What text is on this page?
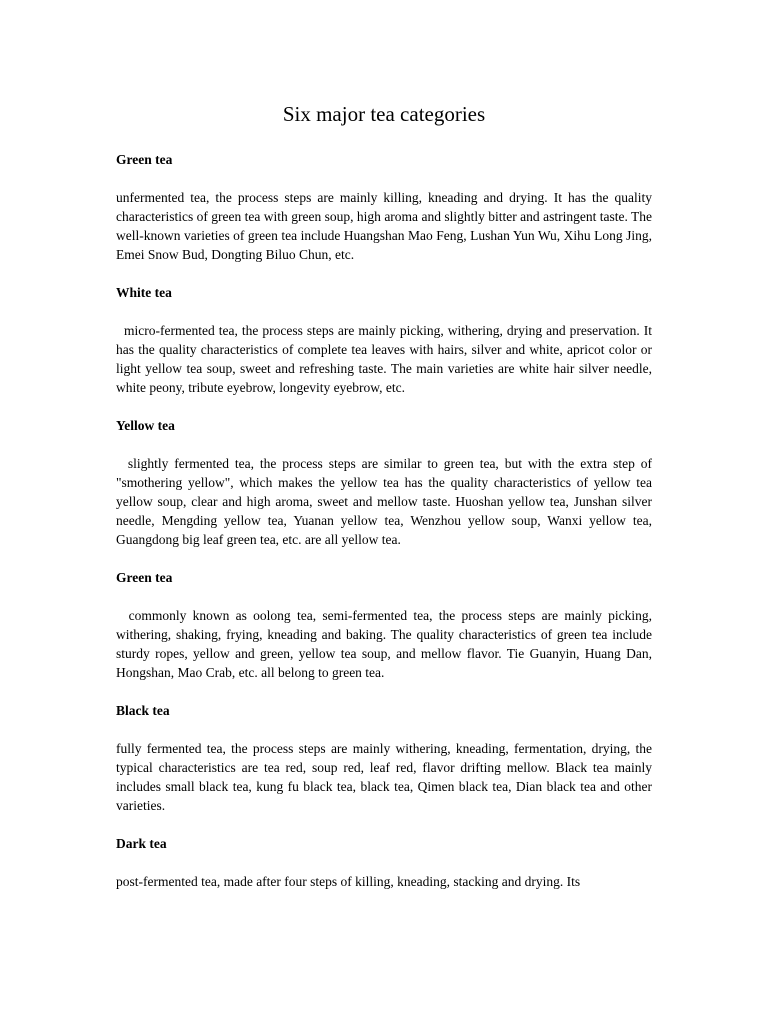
Six major tea categories
Green tea

unfermented tea, the process steps are mainly killing, kneading and drying. It has the quality characteristics of green tea with green soup, high aroma and slightly bitter and astringent taste. The well-known varieties of green tea include Huangshan Mao Feng, Lushan Yun Wu, Xihu Long Jing, Emei Snow Bud, Dongting Biluo Chun, etc.

White tea

micro-fermented tea, the process steps are mainly picking, withering, drying and preservation. It has the quality characteristics of complete tea leaves with hairs, silver and white, apricot color or light yellow tea soup, sweet and refreshing taste. The main varieties are white hair silver needle, white peony, tribute eyebrow, longevity eyebrow, etc.

Yellow tea

slightly fermented tea, the process steps are similar to green tea, but with the extra step of "smothering yellow", which makes the yellow tea has the quality characteristics of yellow tea yellow soup, clear and high aroma, sweet and mellow taste. Huoshan yellow tea, Junshan silver needle, Mengding yellow tea, Yuanan yellow tea, Wenzhou yellow soup, Wanxi yellow tea, Guangdong big leaf green tea, etc. are all yellow tea.

Green tea

commonly known as oolong tea, semi-fermented tea, the process steps are mainly picking, withering, shaking, frying, kneading and baking. The quality characteristics of green tea include sturdy ropes, yellow and green, yellow tea soup, and mellow flavor. Tie Guanyin, Huang Dan, Hongshan, Mao Crab, etc. all belong to green tea.

Black tea

fully fermented tea, the process steps are mainly withering, kneading, fermentation, drying, the typical characteristics are tea red, soup red, leaf red, flavor drifting mellow. Black tea mainly includes small black tea, kung fu black tea, black tea, Qimen black tea, Dian black tea and other varieties.

Dark tea

post-fermented tea, made after four steps of killing, kneading, stacking and drying. Its
